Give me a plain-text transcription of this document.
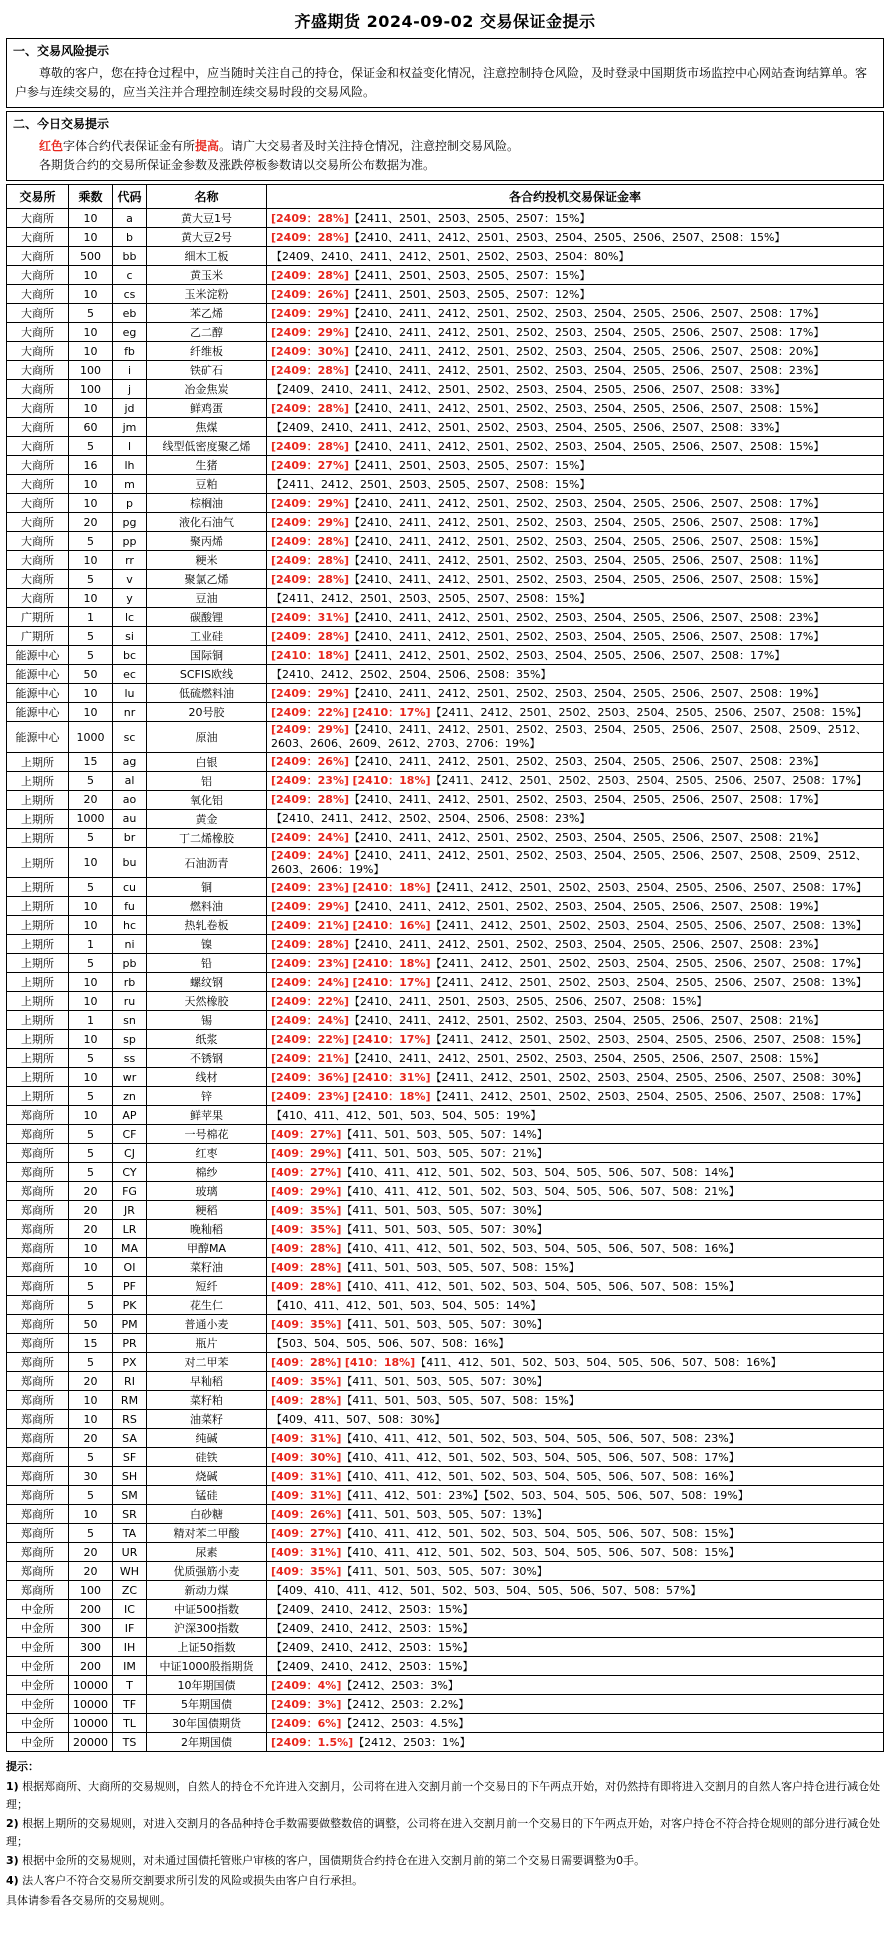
齐盛期货 2024-09-02 交易保证金提示
一、交易风险提示
尊敬的客户，您在持仓过程中，应当随时关注自己的持仓，保证金和权益变化情况，注意控制持仓风险，及时登录中国期货市场监控中心网站查询结算单。客户参与连续交易的，应当关注并合理控制连续交易时段的交易风险。
二、今日交易提示
红色字体合约代表保证金有所提高。请广大交易者及时关注持仓情况，注意控制交易风险。
各期货合约的交易所保证金参数及涨跌停板参数请以交易所公布数据为准。
交易所	乘数	代码	名称	各合约投机交易保证金率
大商所	10	a	黄大豆1号	[2409：28%]【2411、2501、2503、2505、2507：15%】
大商所	10	b	黄大豆2号	[2409：28%]【2410、2411、2412、2501、2503、2504、2505、2506、2507、2508：15%】
大商所	500	bb	细木工板	【2409、2410、2411、2412、2501、2502、2503、2504：80%】
大商所	10	c	黄玉米	[2409：28%]【2411、2501、2503、2505、2507：15%】
大商所	10	cs	玉米淀粉	[2409：26%]【2411、2501、2503、2505、2507：12%】
大商所	5	eb	苯乙烯	[2409：29%]【2410、2411、2412、2501、2502、2503、2504、2505、2506、2507、2508：17%】
大商所	10	eg	乙二醇	[2409：29%]【2410、2411、2412、2501、2502、2503、2504、2505、2506、2507、2508：17%】
大商所	10	fb	纤维板	[2409：30%]【2410、2411、2412、2501、2502、2503、2504、2505、2506、2507、2508：20%】
大商所	100	i	铁矿石	[2409：28%]【2410、2411、2412、2501、2502、2503、2504、2505、2506、2507、2508：23%】
大商所	100	j	冶金焦炭	【2409、2410、2411、2412、2501、2502、2503、2504、2505、2506、2507、2508：33%】
大商所	10	jd	鲜鸡蛋	[2409：28%]【2410、2411、2412、2501、2502、2503、2504、2505、2506、2507、2508：15%】
大商所	60	jm	焦煤	【2409、2410、2411、2412、2501、2502、2503、2504、2505、2506、2507、2508：33%】
大商所	5	l	线型低密度聚乙烯	[2409：28%]【2410、2411、2412、2501、2502、2503、2504、2505、2506、2507、2508：15%】
大商所	16	lh	生猪	[2409：27%]【2411、2501、2503、2505、2507：15%】
大商所	10	m	豆粕	【2411、2412、2501、2503、2505、2507、2508：15%】
大商所	10	p	棕榈油	[2409：29%]【2410、2411、2412、2501、2502、2503、2504、2505、2506、2507、2508：17%】
大商所	20	pg	液化石油气	[2409：29%]【2410、2411、2412、2501、2502、2503、2504、2505、2506、2507、2508：17%】
大商所	5	pp	聚丙烯	[2409：28%]【2410、2411、2412、2501、2502、2503、2504、2505、2506、2507、2508：15%】
大商所	10	rr	粳米	[2409：28%]【2410、2411、2412、2501、2502、2503、2504、2505、2506、2507、2508：11%】
大商所	5	v	聚氯乙烯	[2409：28%]【2410、2411、2412、2501、2502、2503、2504、2505、2506、2507、2508：15%】
大商所	10	y	豆油	【2411、2412、2501、2503、2505、2507、2508：15%】
广期所	1	lc	碳酸锂	[2409：31%]【2410、2411、2412、2501、2502、2503、2504、2505、2506、2507、2508：23%】
广期所	5	si	工业硅	[2409：28%]【2410、2411、2412、2501、2502、2503、2504、2505、2506、2507、2508：17%】
能源中心	5	bc	国际铜	[2410：18%]【2411、2412、2501、2502、2503、2504、2505、2506、2507、2508：17%】
能源中心	50	ec	SCFIS欧线	【2410、2412、2502、2504、2506、2508：35%】
能源中心	10	lu	低硫燃料油	[2409：29%]【2410、2411、2412、2501、2502、2503、2504、2505、2506、2507、2508：19%】
能源中心	10	nr	20号胶	[2409：22%] [2410：17%]【2411、2412、2501、2502、2503、2504、2505、2506、2507、2508：15%】
能源中心	1000	sc	原油	[2409：29%]【2410、2411、2412、2501、2502、2503、2504、2505、2506、2507、2508、2509、2512、2603、2606、2609、2612、2703、2706：19%】
上期所	15	ag	白银	[2409：26%]【2410、2411、2412、2501、2502、2503、2504、2505、2506、2507、2508：23%】
上期所	5	al	铝	[2409：23%] [2410：18%]【2411、2412、2501、2502、2503、2504、2505、2506、2507、2508：17%】
上期所	20	ao	氧化铝	[2409：28%]【2410、2411、2412、2501、2502、2503、2504、2505、2506、2507、2508：17%】
上期所	1000	au	黄金	【2410、2411、2412、2502、2504、2506、2508：23%】
上期所	5	br	丁二烯橡胶	[2409：24%]【2410、2411、2412、2501、2502、2503、2504、2505、2506、2507、2508：21%】
上期所	10	bu	石油沥青	[2409：24%]【2410、2411、2412、2501、2502、2503、2504、2505、2506、2507、2508、2509、2512、2603、2606：19%】
上期所	5	cu	铜	[2409：23%] [2410：18%]【2411、2412、2501、2502、2503、2504、2505、2506、2507、2508：17%】
上期所	10	fu	燃料油	[2409：29%]【2410、2411、2412、2501、2502、2503、2504、2505、2506、2507、2508：19%】
上期所	10	hc	热轧卷板	[2409：21%] [2410：16%]【2411、2412、2501、2502、2503、2504、2505、2506、2507、2508：13%】
上期所	1	ni	镍	[2409：28%]【2410、2411、2412、2501、2502、2503、2504、2505、2506、2507、2508：23%】
上期所	5	pb	铅	[2409：23%] [2410：18%]【2411、2412、2501、2502、2503、2504、2505、2506、2507、2508：17%】
上期所	10	rb	螺纹钢	[2409：24%] [2410：17%]【2411、2412、2501、2502、2503、2504、2505、2506、2507、2508：13%】
上期所	10	ru	天然橡胶	[2409：22%]【2410、2411、2501、2503、2505、2506、2507、2508：15%】
上期所	1	sn	锡	[2409：24%]【2410、2411、2412、2501、2502、2503、2504、2505、2506、2507、2508：21%】
上期所	10	sp	纸浆	[2409：22%] [2410：17%]【2411、2412、2501、2502、2503、2504、2505、2506、2507、2508：15%】
上期所	5	ss	不锈钢	[2409：21%]【2410、2411、2412、2501、2502、2503、2504、2505、2506、2507、2508：15%】
上期所	10	wr	线材	[2409：36%] [2410：31%]【2411、2412、2501、2502、2503、2504、2505、2506、2507、2508：30%】
上期所	5	zn	锌	[2409：23%] [2410：18%]【2411、2412、2501、2502、2503、2504、2505、2506、2507、2508：17%】
郑商所	10	AP	鲜苹果	【410、411、412、501、503、504、505：19%】
郑商所	5	CF	一号棉花	[409：27%]【411、501、503、505、507：14%】
郑商所	5	CJ	红枣	[409：29%]【411、501、503、505、507：21%】
郑商所	5	CY	棉纱	[409：27%]【410、411、412、501、502、503、504、505、506、507、508：14%】
郑商所	20	FG	玻璃	[409：29%]【410、411、412、501、502、503、504、505、506、507、508：21%】
郑商所	20	JR	粳稻	[409：35%]【411、501、503、505、507：30%】
郑商所	20	LR	晚籼稻	[409：35%]【411、501、503、505、507：30%】
郑商所	10	MA	甲醇MA	[409：28%]【410、411、412、501、502、503、504、505、506、507、508：16%】
郑商所	10	OI	菜籽油	[409：28%]【411、501、503、505、507、508：15%】
郑商所	5	PF	短纤	[409：28%]【410、411、412、501、502、503、504、505、506、507、508：15%】
郑商所	5	PK	花生仁	【410、411、412、501、503、504、505：14%】
郑商所	50	PM	普通小麦	[409：35%]【411、501、503、505、507：30%】
郑商所	15	PR	瓶片	【503、504、505、506、507、508：16%】
郑商所	5	PX	对二甲苯	[409：28%] [410：18%]【411、412、501、502、503、504、505、506、507、508：16%】
郑商所	20	RI	早籼稻	[409：35%]【411、501、503、505、507：30%】
郑商所	10	RM	菜籽粕	[409：28%]【411、501、503、505、507、508：15%】
郑商所	10	RS	油菜籽	【409、411、507、508：30%】
郑商所	20	SA	纯碱	[409：31%]【410、411、412、501、502、503、504、505、506、507、508：23%】
郑商所	5	SF	硅铁	[409：30%]【410、411、412、501、502、503、504、505、506、507、508：17%】
郑商所	30	SH	烧碱	[409：31%]【410、411、412、501、502、503、504、505、506、507、508：16%】
郑商所	5	SM	锰硅	[409：31%]【411、412、501：23%】【502、503、504、505、506、507、508：19%】
郑商所	10	SR	白砂糖	[409：26%]【411、501、503、505、507：13%】
郑商所	5	TA	精对苯二甲酸	[409：27%]【410、411、412、501、502、503、504、505、506、507、508：15%】
郑商所	20	UR	尿素	[409：31%]【410、411、412、501、502、503、504、505、506、507、508：15%】
郑商所	20	WH	优质强筋小麦	[409：35%]【411、501、503、505、507：30%】
郑商所	100	ZC	新动力煤	【409、410、411、412、501、502、503、504、505、506、507、508：57%】
中金所	200	IC	中证500指数	【2409、2410、2412、2503：15%】
中金所	300	IF	沪深300指数	【2409、2410、2412、2503：15%】
中金所	300	IH	上证50指数	【2409、2410、2412、2503：15%】
中金所	200	IM	中证1000股指期货	【2409、2410、2412、2503：15%】
中金所	10000	T	10年期国债	[2409：4%]【2412、2503：3%】
中金所	10000	TF	5年期国债	[2409：3%]【2412、2503：2.2%】
中金所	10000	TL	30年国债期货	[2409：6%]【2412、2503：4.5%】
中金所	20000	TS	2年期国债	[2409：1.5%]【2412、2503：1%】
提示：

1) 根据郑商所、大商所的交易规则，自然人的持仓不允许进入交割月，公司将在进入交割月前一个交易日的下午两点开始，对仍然持有即将进入交割月的自然人客户持仓进行减仓处理；

2) 根据上期所的交易规则，对进入交割月的各品种持仓手数需要做整数倍的调整，公司将在进入交割月前一个交易日的下午两点开始，对客户持仓不符合持仓规则的部分进行减仓处理；

3) 根据中金所的交易规则，对未通过国债托管账户审核的客户，国债期货合约持仓在进入交割月前的第二个交易日需要调整为0手。

4) 法人客户不符合交易所交割要求所引发的风险或损失由客户自行承担。

具体请参看各交易所的交易规则。
